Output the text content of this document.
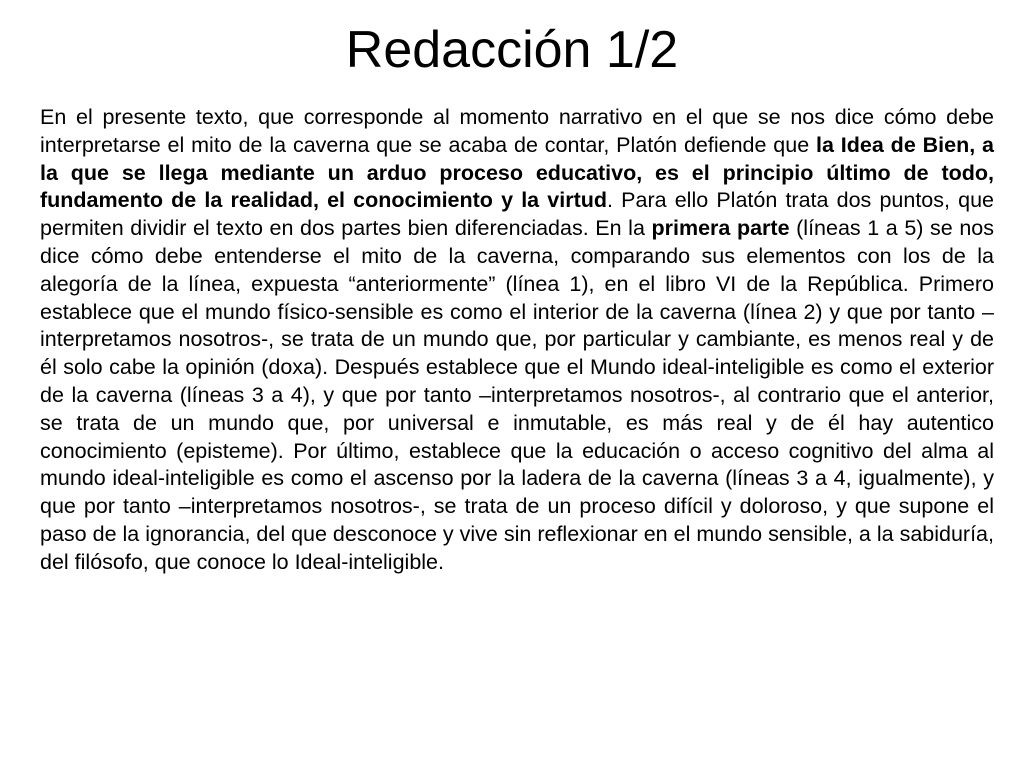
Redacción 1/2

En el presente texto, que corresponde al momento narrativo en el que se nos dice cómo debe interpretarse el mito de la caverna que se acaba de contar, Platón defiende que la Idea de Bien, a la que se llega mediante un arduo proceso educativo, es el principio último de todo, fundamento de la realidad, el conocimiento y la virtud. Para ello Platón trata dos puntos, que permiten dividir el texto en dos partes bien diferenciadas. En la primera parte (líneas 1 a 5) se nos dice cómo debe entenderse el mito de la caverna, comparando sus elementos con los de la alegoría de la línea, expuesta “anteriormente” (línea 1), en el libro VI de la República. Primero establece que el mundo físico-sensible es como el interior de la caverna (línea 2) y que por tanto –interpretamos nosotros-, se trata de un mundo que, por particular y cambiante, es menos real y de él solo cabe la opinión (doxa). Después establece que el Mundo ideal-inteligible es como el exterior de la caverna (líneas 3 a 4), y que por tanto –interpretamos nosotros-, al contrario que el anterior, se trata de un mundo que, por universal e inmutable, es más real y de él hay autentico conocimiento (episteme). Por último, establece que la educación o acceso cognitivo del alma al mundo ideal-inteligible es como el ascenso por la ladera de la caverna (líneas 3 a 4, igualmente), y que por tanto –interpretamos nosotros-, se trata de un proceso difícil y doloroso, y que supone el paso de la ignorancia, del que desconoce y vive sin reflexionar en el mundo sensible, a la sabiduría, del filósofo, que conoce lo Ideal-inteligible.
